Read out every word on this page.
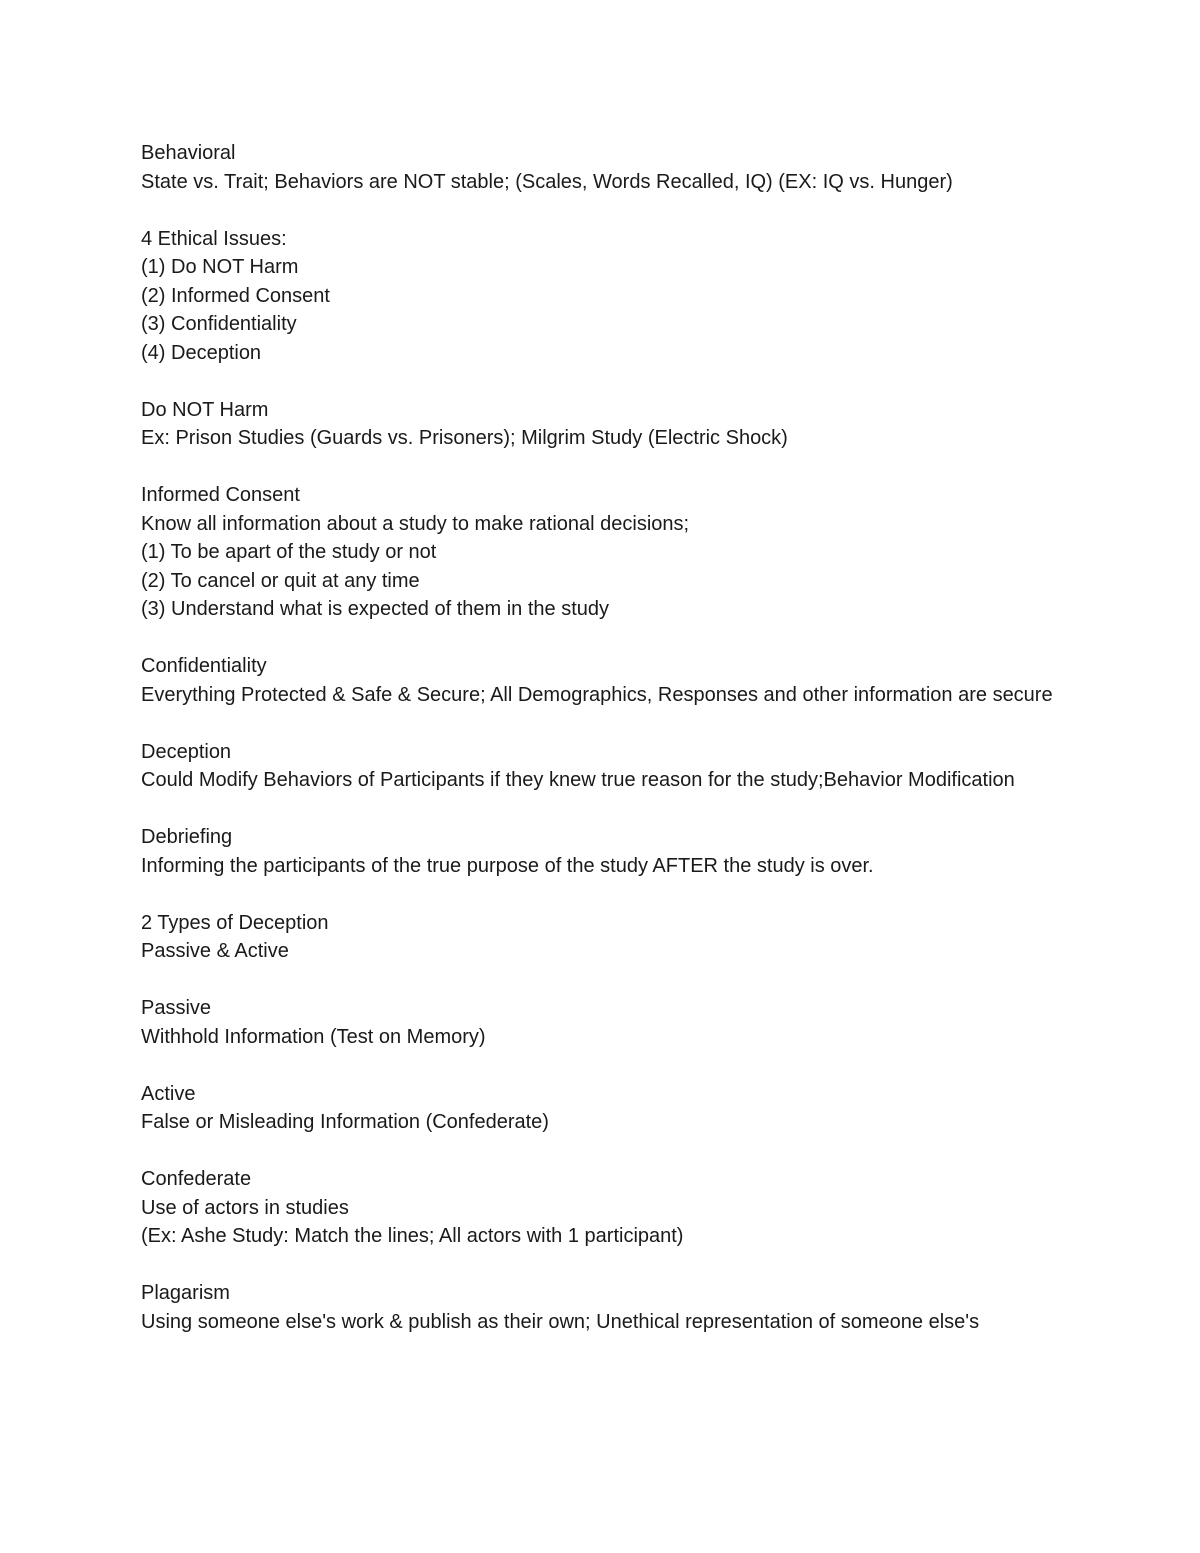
Behavioral

State vs. Trait; Behaviors are NOT stable; (Scales, Words Recalled, IQ) (EX: IQ vs. Hunger)

4 Ethical Issues:

(1) Do NOT Harm

(2) Informed Consent

(3) Confidentiality

(4) Deception

Do NOT Harm

Ex: Prison Studies (Guards vs. Prisoners); Milgrim Study (Electric Shock)

Informed Consent

Know all information about a study to make rational decisions;

(1) To be apart of the study or not

(2) To cancel or quit at any time

(3) Understand what is expected of them in the study

Confidentiality

Everything Protected & Safe & Secure; All Demographics, Responses and other information are secure

Deception

Could Modify Behaviors of Participants if they knew true reason for the study;Behavior Modification

Debriefing

Informing the participants of the true purpose of the study AFTER the study is over.

2 Types of Deception

Passive & Active

Passive

Withhold Information (Test on Memory)

Active

False or Misleading Information (Confederate)

Confederate

Use of actors in studies

(Ex: Ashe Study: Match the lines; All actors with 1 participant)

Plagarism

Using someone else's work & publish as their own; Unethical representation of someone else's
